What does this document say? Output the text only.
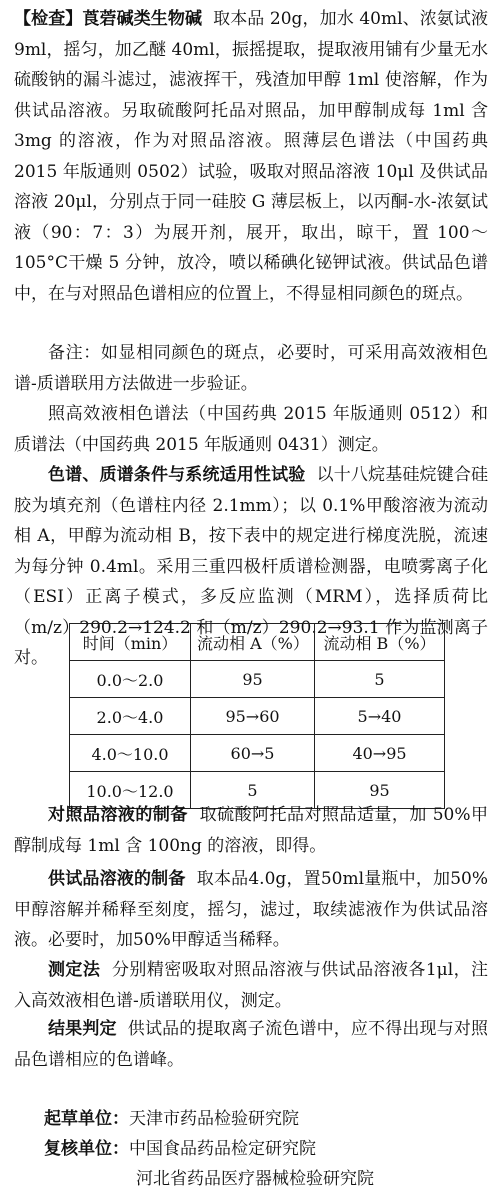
【检查】莨菪碱类生物碱 取本品 20g，加水 40ml、浓氨试液 9ml，摇匀，加乙醚 40ml，振摇提取，提取液用铺有少量无水硫酸钠的漏斗滤过，滤液挥干，残渣加甲醇 1ml 使溶解，作为供试品溶液。另取硫酸阿托品对照品，加甲醇制成每 1ml 含 3mg 的溶液，作为对照品溶液。照薄层色谱法（中国药典 2015 年版通则 0502）试验，吸取对照品溶液 10μl 及供试品溶液 20μl，分别点于同一硅胶 G 薄层板上，以丙酮-水-浓氨试液（90：7：3）为展开剂，展开，取出，晾干，置 100～105°C干燥 5 分钟，放冷，喷以稀碘化铋钾试液。供试品色谱中，在与对照品色谱相应的位置上，不得显相同颜色的斑点。

备注：如显相同颜色的斑点，必要时，可采用高效液相色谱-质谱联用方法做进一步验证。

照高效液相色谱法（中国药典 2015 年版通则 0512）和质谱法（中国药典 2015 年版通则 0431）测定。

色谱、质谱条件与系统适用性试验 以十八烷基硅烷键合硅胶为填充剂（色谱柱内径 2.1mm）；以 0.1%甲酸溶液为流动相 A，甲醇为流动相 B，按下表中的规定进行梯度洗脱，流速为每分钟 0.4ml。采用三重四极杆质谱检测器，电喷雾离子化（ESI）正离子模式，多反应监测（MRM），选择质荷比（m/z）290.2→124.2 和（m/z）290.2→93.1 作为监测离子对。

时间（min）	流动相 A（%）	流动相 B（%）
0.0～2.0	95	5
2.0～4.0	95→60	5→40
4.0～10.0	60→5	40→95
10.0～12.0	5	95

对照品溶液的制备 取硫酸阿托品对照品适量，加 50%甲醇制成每 1ml 含 100ng 的溶液，即得。

供试品溶液的制备 取本品4.0g，置50ml量瓶中，加50%甲醇溶解并稀释至刻度，摇匀，滤过，取续滤液作为供试品溶液。必要时，加50%甲醇适当稀释。

测定法 分别精密吸取对照品溶液与供试品溶液各1μl，注入高效液相色谱-质谱联用仪，测定。

结果判定 供试品的提取离子流色谱中，应不得出现与对照品色谱相应的色谱峰。

起草单位：天津市药品检验研究院
复核单位：中国食品药品检定研究院
河北省药品医疗器械检验研究院
